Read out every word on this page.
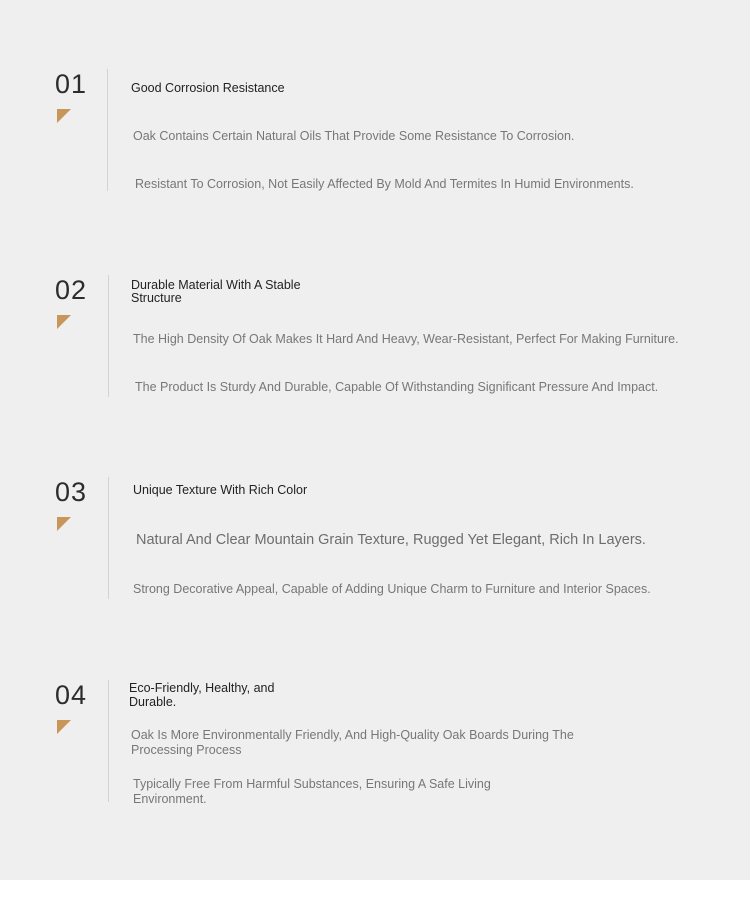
01	Good Corrosion Resistance
Oak Contains Certain Natural Oils That Provide Some Resistance To Corrosion.
Resistant To Corrosion, Not Easily Affected By Mold And Termites In Humid Environments.
02	Durable Material With A Stable Structure
The High Density Of Oak Makes It Hard And Heavy, Wear-Resistant, Perfect For Making Furniture.
The Product Is Sturdy And Durable, Capable Of Withstanding Significant Pressure And Impact.
03	Unique Texture With Rich Color
Natural And Clear Mountain Grain Texture, Rugged Yet Elegant, Rich In Layers.
Strong Decorative Appeal, Capable of Adding Unique Charm to Furniture and Interior Spaces.
04	Eco-Friendly, Healthy, and Durable.
Oak Is More Environmentally Friendly, And High-Quality Oak Boards During The Processing Process
Typically Free From Harmful Substances, Ensuring A Safe Living Environment.
